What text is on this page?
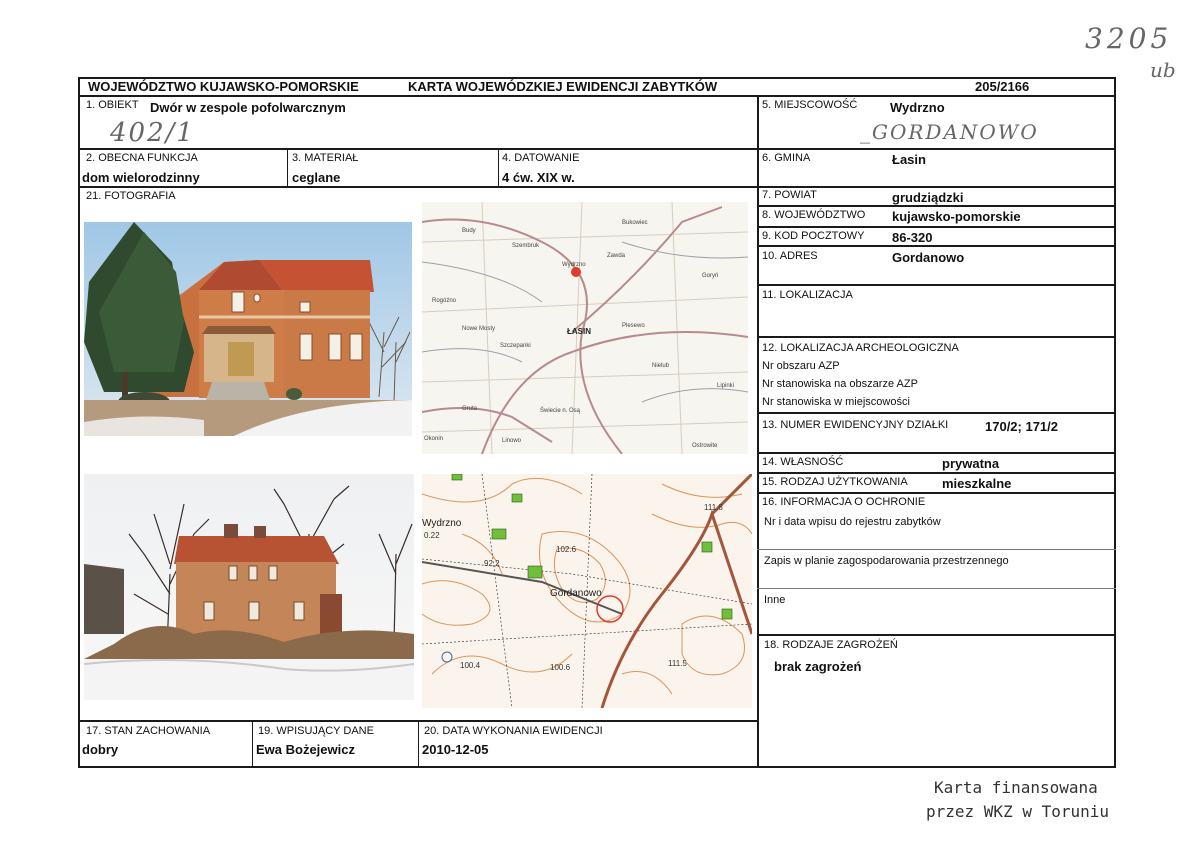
3205
ub
WOJEWÓDZTWO KUJAWSKO-POMORSKIE	KARTA WOJEWÓDZKIEJ EWIDENCJI ZABYTKÓW	205/2166
1. OBIEKT Dwór w zespole pofolwarcznym
402/1
2. OBECNA FUNKCJA
dom wielorodzinny
3. MATERIAŁ
ceglane
4. DATOWANIE
4 ćw. XIX w.
21. FOTOGRAFIA
Szembruk
Wydrzno
Rogóźno
Szczepanki
Gruta	Świecie n. Osą
Linowo
Okonin
Nowe Mosty
Zawda
Goryń
Budy
Lipinki
Ostrowite
Bukowiec
Plesewo
Nielub
ŁASIN
Wydrzno
Gordanowo
102.6
92.2
100.4	100.6	111.5
111.8
0.22
17. STAN ZACHOWANIA
dobry
19. WPISUJĄCY DANE
Ewa Bożejewicz
20. DATA WYKONANIA EWIDENCJI
2010-12-05
5. MIEJSCOWOŚĆ	Wydrzno
_GORDANOWO
6. GMINA	Łasin
7. POWIAT	grudziądzki
8. WOJEWÓDZTWO kujawsko-pomorskie
9. KOD POCZTOWY 86-320
10. ADRES	Gordanowo
11. LOKALIZACJA
12. LOKALIZACJA ARCHEOLOGICZNA
Nr obszaru AZP
Nr stanowiska na obszarze AZP
Nr stanowiska w miejscowości
13. NUMER EWIDENCYJNY DZIAŁKI	170/2; 171/2
14. WŁASNOŚĆ	prywatna
15. RODZAJ UŻYTKOWANIA	mieszkalne
16. INFORMACJA O OCHRONIE
Nr i data wpisu do rejestru zabytków
Zapis w planie zagospodarowania przestrzennego
Inne
18. RODZAJE ZAGROŻEŃ
brak zagrożeń
Karta finansowana
przez WKZ w Toruniu
